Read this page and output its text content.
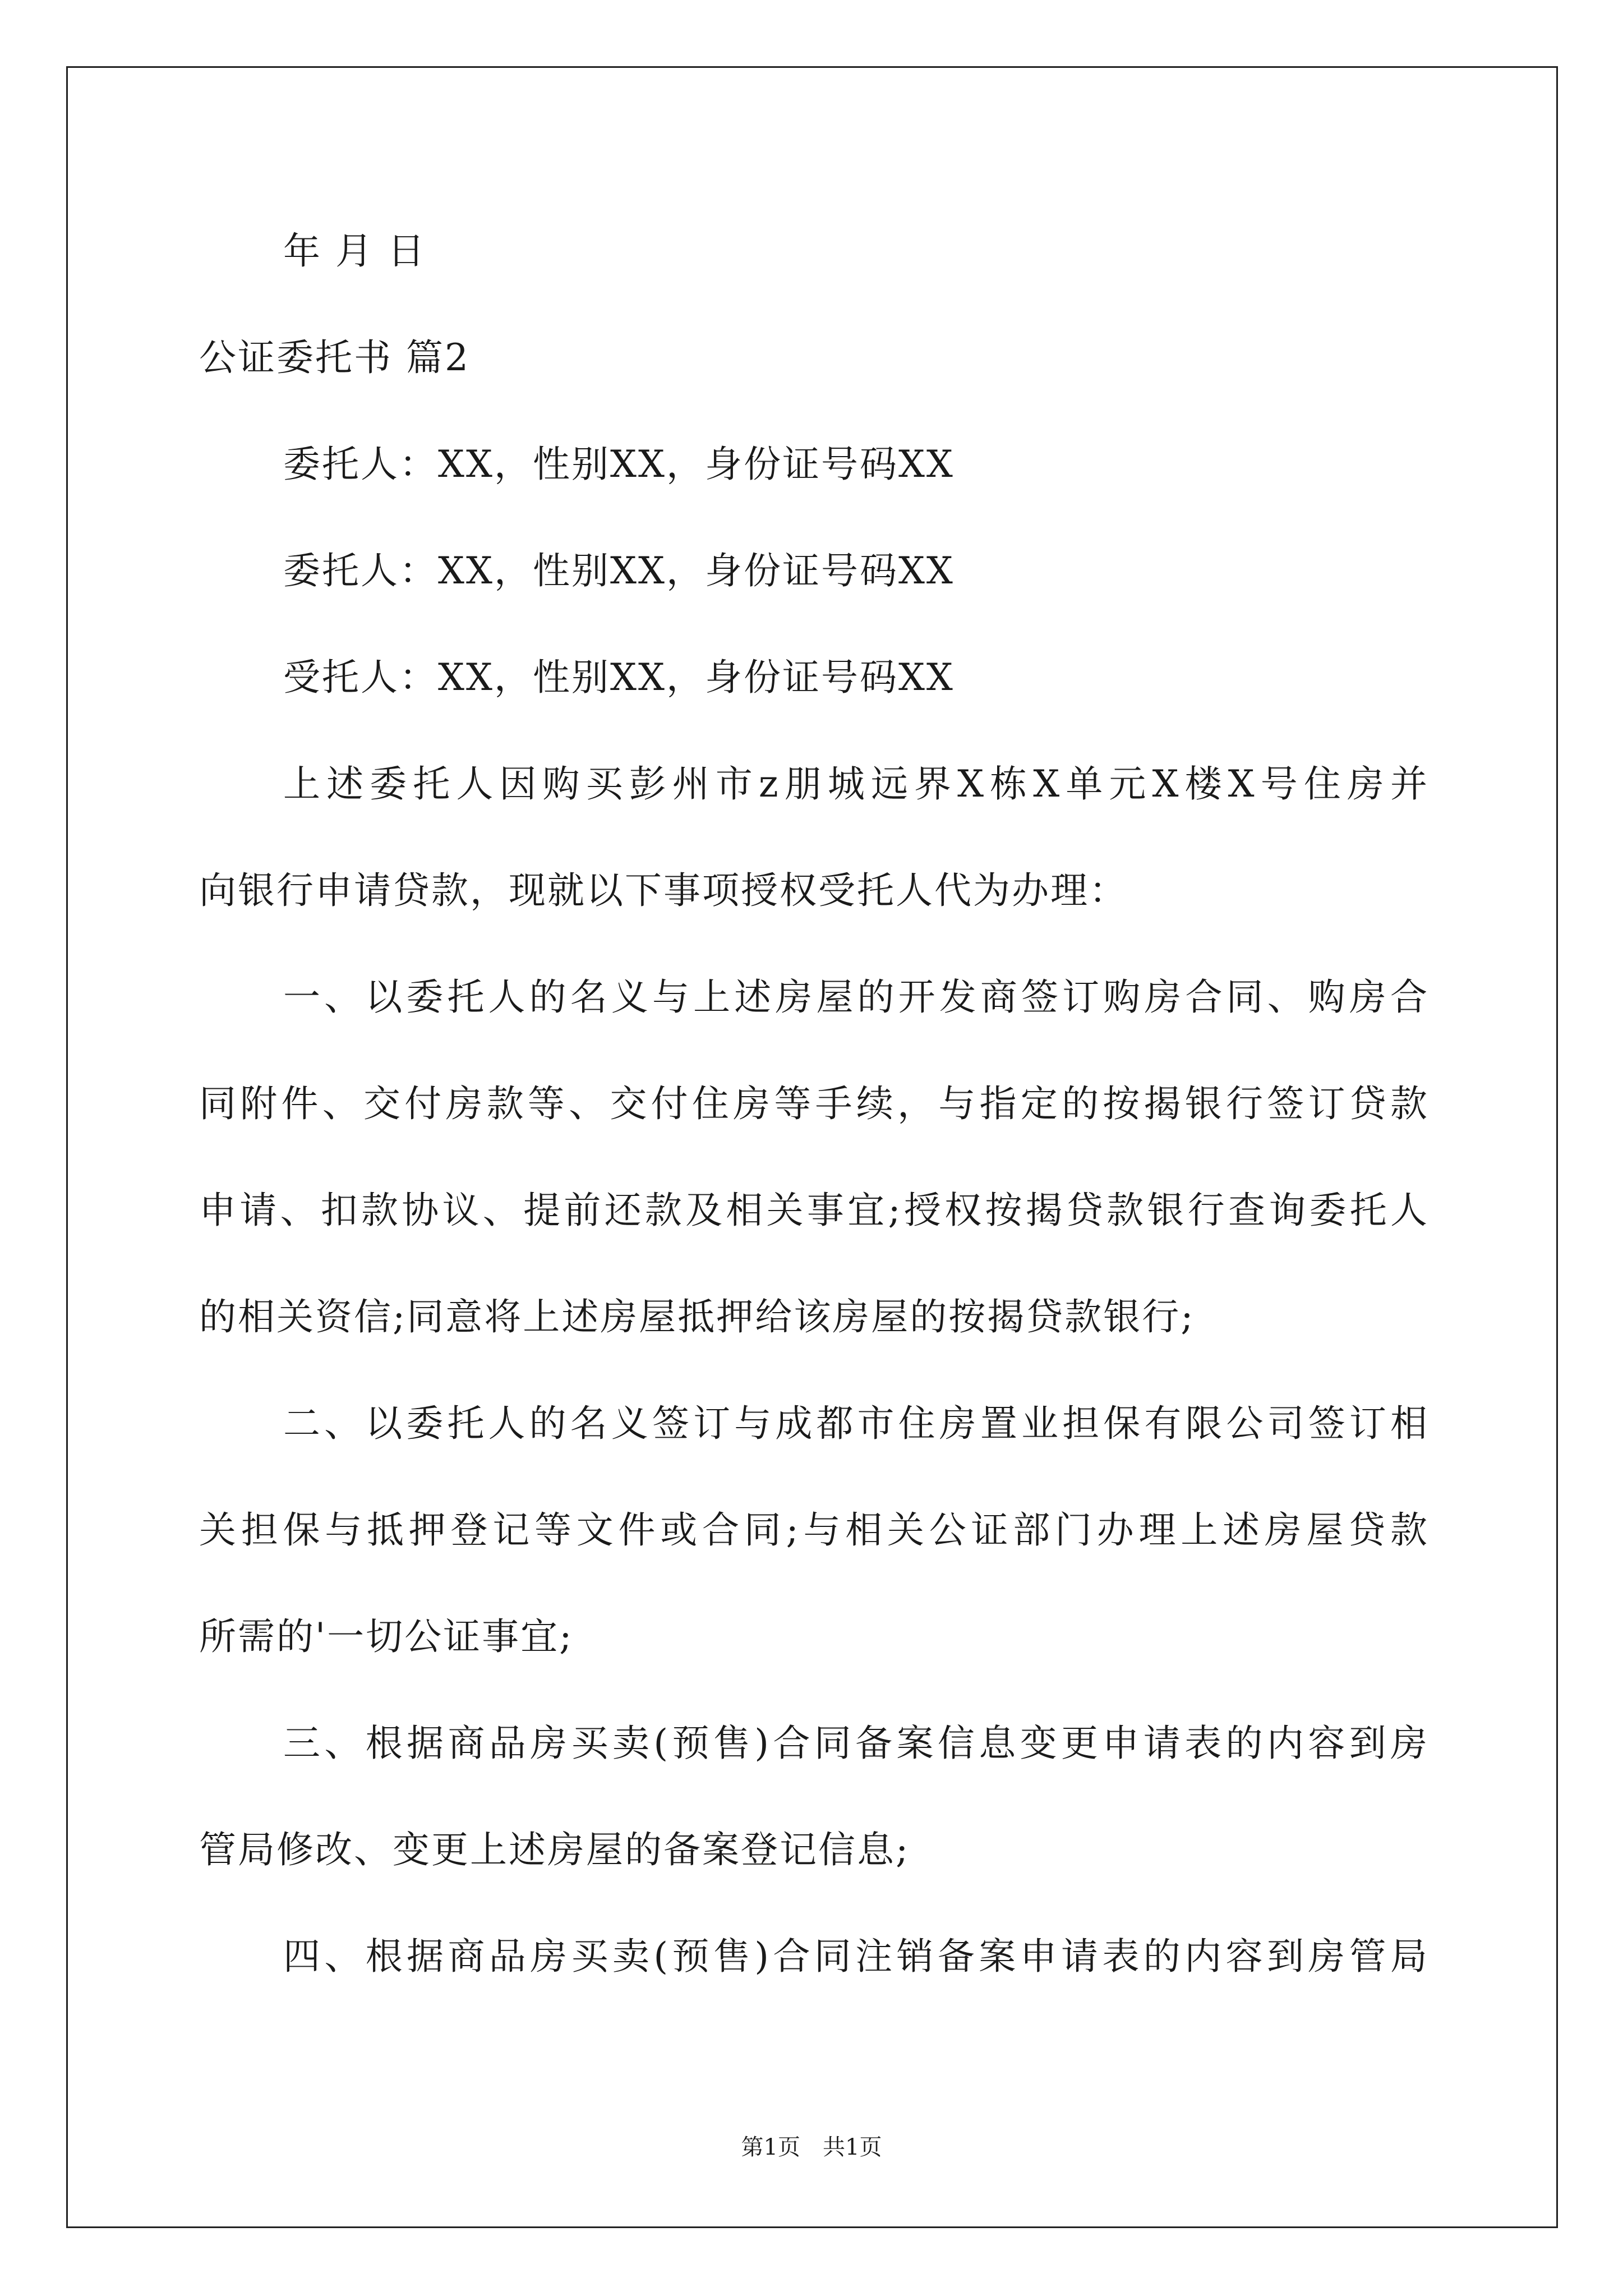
年 月 日
公证委托书 篇2
委托人：XX，性别XX，身份证号码XX
委托人：XX，性别XX，身份证号码XX
受托人：XX，性别XX，身份证号码XX
上述委托人因购买彭州市z朋城远界X栋X单元X楼X号住房并
向银行申请贷款，现就以下事项授权受托人代为办理：
一、以委托人的名义与上述房屋的开发商签订购房合同、购房合
同附件、交付房款等、交付住房等手续，与指定的按揭银行签订贷款
申请、扣款协议、提前还款及相关事宜;授权按揭贷款银行查询委托人
的相关资信;同意将上述房屋抵押给该房屋的按揭贷款银行;
二、以委托人的名义签订与成都市住房置业担保有限公司签订相
关担保与抵押登记等文件或合同;与相关公证部门办理上述房屋贷款
所需的'一切公证事宜;
三、根据商品房买卖(预售)合同备案信息变更申请表的内容到房
管局修改、变更上述房屋的备案登记信息;
四、根据商品房买卖(预售)合同注销备案申请表的内容到房管局
第1页　共1页
